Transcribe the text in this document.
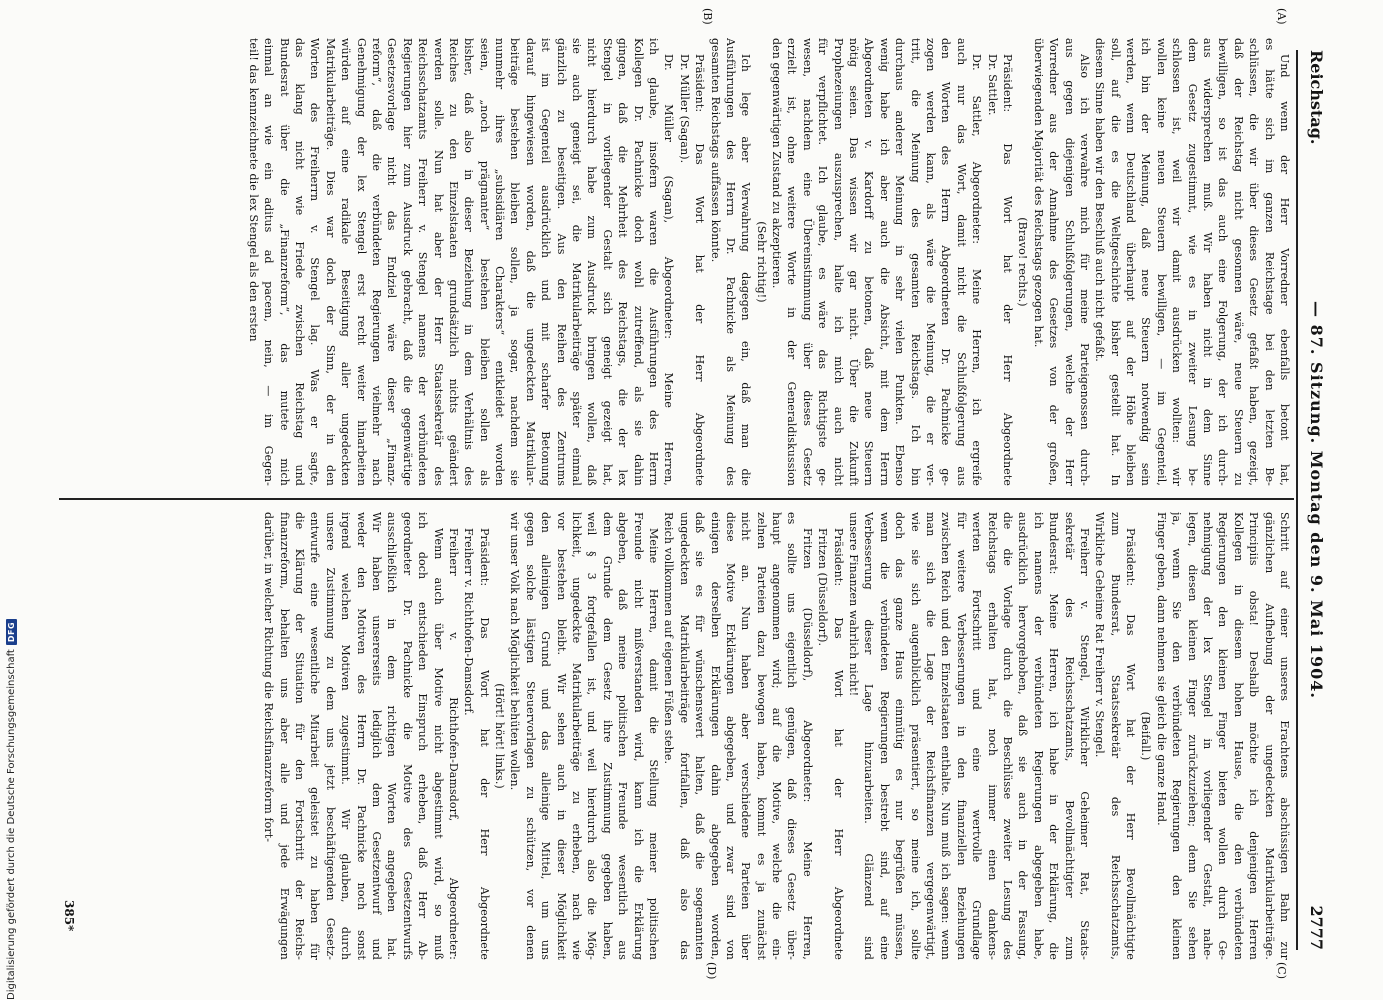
Reichstag.
— 87. Sitzung. Montag den 9. Mai 1904.
2777
(A)
(B)
(C)
(D)
Und wenn der Herr Vorredner ebenfalls betont hat,
es hätte sich im ganzen Reichstage bei den letzten Be-
schlüssen, die wir über dieses Gesetz gefaßt haben, gezeigt,
daß der Reichstag nicht gesonnen wäre, neue Steuern zu
bewilligen, so ist das auch eine Folgerung, der ich durch-
aus widersprechen muß. Wir haben nicht in dem Sinne
dem Gesetz zugestimmt, wie es in zweiter Lesung be-
schlossen ist, weil wir damit ausdrücken wollten: wir
wollen keine neuen Steuern bewilligen, — im Gegenteil,
ich bin der Meinung, daß neue Steuern notwendig sein
werden, wenn Deutschland überhaupt auf der Höhe bleiben
soll, auf die es die Weltgeschichte bisher gestellt hat. In
diesem Sinne haben wir den Beschluß auch nicht gefaßt.
Also ich verwahre mich für meine Parteigenossen durch-
aus gegen diejenigen Schlußfolgerungen, welche der Herr
Vorredner aus der Annahme des Gesetzes von der großen,
überwiegenden Majorität des Reichstags gezogen hat.
(Bravo! rechts.)
Präsident: Das Wort hat der Herr Abgeordnete
Dr. Sattler.
Dr. Sattler, Abgeordneter: Meine Herren, ich ergreife
auch nur das Wort, damit nicht die Schlußfolgerung aus
den Worten des Herrn Abgeordneten Dr. Pachnicke ge-
zogen werden kann, als wäre die Meinung, die er ver-
tritt, die Meinung des gesamten Reichstags. Ich bin
durchaus anderer Meinung in sehr vielen Punkten. Ebenso
wenig habe ich aber auch die Absicht, mit dem Herrn
Abgeordneten v. Kardorff zu betonen, daß neue Steuern
nötig seien. Das wissen wir gar nicht. Über die Zukunft
Prophezeiungen auszusprechen, halte ich mich auch nicht
für verpflichtet. Ich glaube, es wäre das Richtigste ge-
wesen, nachdem eine Übereinstimmung über dieses Gesetz
erzielt ist, ohne weitere Worte in der Generaldiskussion
den gegenwärtigen Zustand zu akzeptieren.
(Sehr richtig!)
Ich lege aber Verwahrung dagegen ein, daß man die
Ausführungen des Herrn Dr. Pachnicke als Meinung des
gesamten Reichstags auffassen könnte.
Präsident: Das Wort hat der Herr Abgeordnete
Dr. Müller (Sagan).
Dr. Müller (Sagan), Abgeordneter: Meine Herren,
ich glaube, insofern waren die Ausführungen des Herrn
Kollegen Dr. Pachnicke doch wohl zutreffend, als sie dahin
gingen, daß die Mehrheit des Reichstags, die der lex
Stengel in vorliegender Gestalt sich geneigt gezeigt hat,
nicht hierdurch habe zum Ausdruck bringen wollen, daß
sie auch geneigt sei, die Matrikularbeiträge später einmal
gänzlich zu beseitigen. Aus den Reihen des Zentrums
ist im Gegenteil ausdrücklich und mit scharfer Betonung
darauf hingewiesen worden, daß die ungedeckten Matrikular-
beiträge bestehen bleiben sollen, ja sogar, nachdem sie
nunmehr ihres „subsidiären Charakters“ entkleidet worden
seien, „noch prägnanter“ bestehen bleiben sollen als
bisher, daß also in dieser Beziehung in dem Verhältnis des
Reiches zu den Einzelstaaten grundsätzlich nichts geändert
werden solle. Nun hat aber der Herr Staatssekretär des
Reichsschatzamts Freiherr v. Stengel namens der verbündeten
Regierungen hier zum Ausdruck gebracht, daß die gegenwärtige
Gesetzesvorlage nicht das Endziel wäre dieser „Finanz-
reform“, daß die verbündeten Regierungen vielmehr nach
Genehmigung der lex Stengel erst recht weiter hinarbeiten
würden auf eine radikale Beseitigung aller ungedeckten
Matrikularbeiträge. Dies war doch der Sinn, der in den
Worten des Freiherrn v. Stengel lag. Was er sagte,
das klang nicht wie Friede zwischen Reichstag und
Bundesrat über die „Finanzreform“, das mutete mich
einmal an wie ein aditus ad pacem, nein, — im Gegen-
teil! das kennzeichnete die lex Stengel als den ersten
Schritt auf einer unseres Erachtens abschüssigen Bahn zur
gänzlichen Aufhebung der ungedeckten Matrikularbeiträge.
Principiis obsta! Deshalb möchte ich denjenigen Herren
Kollegen in diesem hohen Hause, die den verbündeten
Regierungen den kleinen Finger bieten wollen durch Ge-
nehmigung der lex Stengel in vorliegender Gestalt, nahe-
legen, diesen kleinen Finger zurückzuziehen; denn Sie sehen
ja, wenn Sie den verbündeten Regierungen den kleinen
Finger geben, dann nehmen sie gleich die ganze Hand.
(Beifall.)
Präsident: Das Wort hat der Herr Bevollmächtigte
zum Bundesrat, Staatssekretär des Reichsschatzamts,
Wirkliche Geheime Rat Freiherr v. Stengel.
Freiherr v. Stengel, Wirklicher Geheimer Rat, Staats-
sekretär des Reichsschatzamts, Bevollmächtigter zum
Bundesrat: Meine Herren, ich habe in der Erklärung, die
ich namens der verbündeten Regierungen abgegeben habe,
ausdrücklich hervorgehoben, daß sie auch in der Fassung,
die die Vorlage durch die Beschlüsse zweiter Lesung des
Reichstags erhalten hat, noch immer einen dankens-
werten Fortschritt und eine wertvolle Grundlage
für weitere Verbesserungen in den finanziellen Beziehungen
zwischen Reich und den Einzelstaaten enthalte. Nun muß ich sagen: wenn
man sich die Lage der Reichsfinanzen vergegenwärtigt,
wie sie sich augenblicklich präsentiert, so meine ich, sollte
doch das ganze Haus einmütig es nur begrüßen müssen,
wenn die verbündeten Regierungen bestrebt sind, auf eine
Verbesserung dieser Lage hinzuarbeiten. Glänzend sind
unsere Finanzen wahrlich nicht!
Präsident: Das Wort hat der Herr Abgeordnete
Fritzen (Düsseldorf).
Fritzen (Düsseldorf), Abgeordneter: Meine Herren,
es sollte uns eigentlich genügen, daß dieses Gesetz über-
haupt angenommen wird; auf die Motive, welche die ein-
zelnen Parteien dazu bewogen haben, kommt es ja zunächst
nicht an. Nun haben aber verschiedene Parteien über
diese Motive Erklärungen abgegeben, und zwar sind von
einigen derselben Erklärungen dahin abgegeben worden,
daß sie es für wünschenswert halten, daß die sogenannten
ungedeckten Matrikularbeiträge fortfallen, daß also das
Reich vollkommen auf eigenen Füßen stehe.
Meine Herren, damit die Stellung meiner politischen
Freunde nicht mißverstanden wird, kann ich die Erklärung
abgeben, daß meine politischen Freunde wesentlich aus
dem Grunde dem Gesetz ihre Zustimmung gegeben haben,
weil § 3 fortgefallen ist, und weil hierdurch also die Mög-
lichkeit, ungedeckte Matrikularbeiträge zu erheben, nach wie
vor bestehen bleibt. Wir sehen auch in dieser Möglichkeit
den alleinigen Grund und das alleinige Mittel, um uns
gegen solche lästigen Steuervorlagen zu schützen, vor denen
wir unser Volk nach Möglichkeit behüten wollen.
(Hört! hört! links.)
Präsident: Das Wort hat der Herr Abgeordnete
Freiherr v. Richthofen-Damsdorf.
Freiherr v. Richthofen-Damsdorf, Abgeordneter:
Wenn auch über Motive nicht abgestimmt wird, so muß
ich doch entschieden Einspruch erheben, daß Herr Ab-
geordneter Dr. Pachnicke die Motive des Gesetzentwurfs
ausschließlich in dem richtigen Worten angegeben hat.
Wir haben unsererseits lediglich dem Gesetzentwurf und
weder den Motiven des Herrn Dr. Pachnicke noch sonst
irgend welchen Motiven zugestimmt. Wir glauben, durch
unsere Zustimmung zu dem uns jetzt beschäftigenden Gesetz-
entwurfe eine wesentliche Mitarbeit geleistet zu haben für
die Klärung der Situation für den Fortschritt der Reichs-
finanzreform, behalten uns aber alle und jede Erwägungen
darüber, in welcher Richtung die Reichsfinanzreform fort-
385*
Digitalisierung gefördert durch die Deutsche Forschungsgemeinschaft
DFG
